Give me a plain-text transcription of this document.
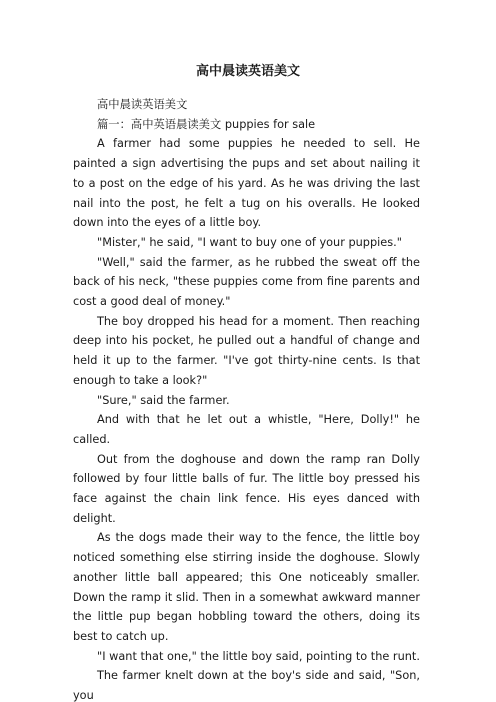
高中晨读英语美文

高中晨读英语美文

篇一：高中英语晨读美文 puppies for sale

A farmer had some puppies he needed to sell. He painted a sign advertising the pups and set about nailing it to a post on the edge of his yard. As he was driving the last nail into the post, he felt a tug on his overalls. He looked down into the eyes of a little boy.

"Mister," he said, "I want to buy one of your puppies."

"Well," said the farmer, as he rubbed the sweat off the back of his neck, "these puppies come from fine parents and cost a good deal of money."

The boy dropped his head for a moment. Then reaching deep into his pocket, he pulled out a handful of change and held it up to the farmer. "I've got thirty-nine cents. Is that enough to take a look?"

"Sure," said the farmer.

And with that he let out a whistle, "Here, Dolly!" he called.

Out from the doghouse and down the ramp ran Dolly followed by four little balls of fur. The little boy pressed his face against the chain link fence. His eyes danced with delight.

As the dogs made their way to the fence, the little boy noticed something else stirring inside the doghouse. Slowly another little ball appeared; this One noticeably smaller. Down the ramp it slid. Then in a somewhat awkward manner the little pup began hobbling toward the others, doing its best to catch up.

"I want that one," the little boy said, pointing to the runt.

The farmer knelt down at the boy's side and said, "Son, you
